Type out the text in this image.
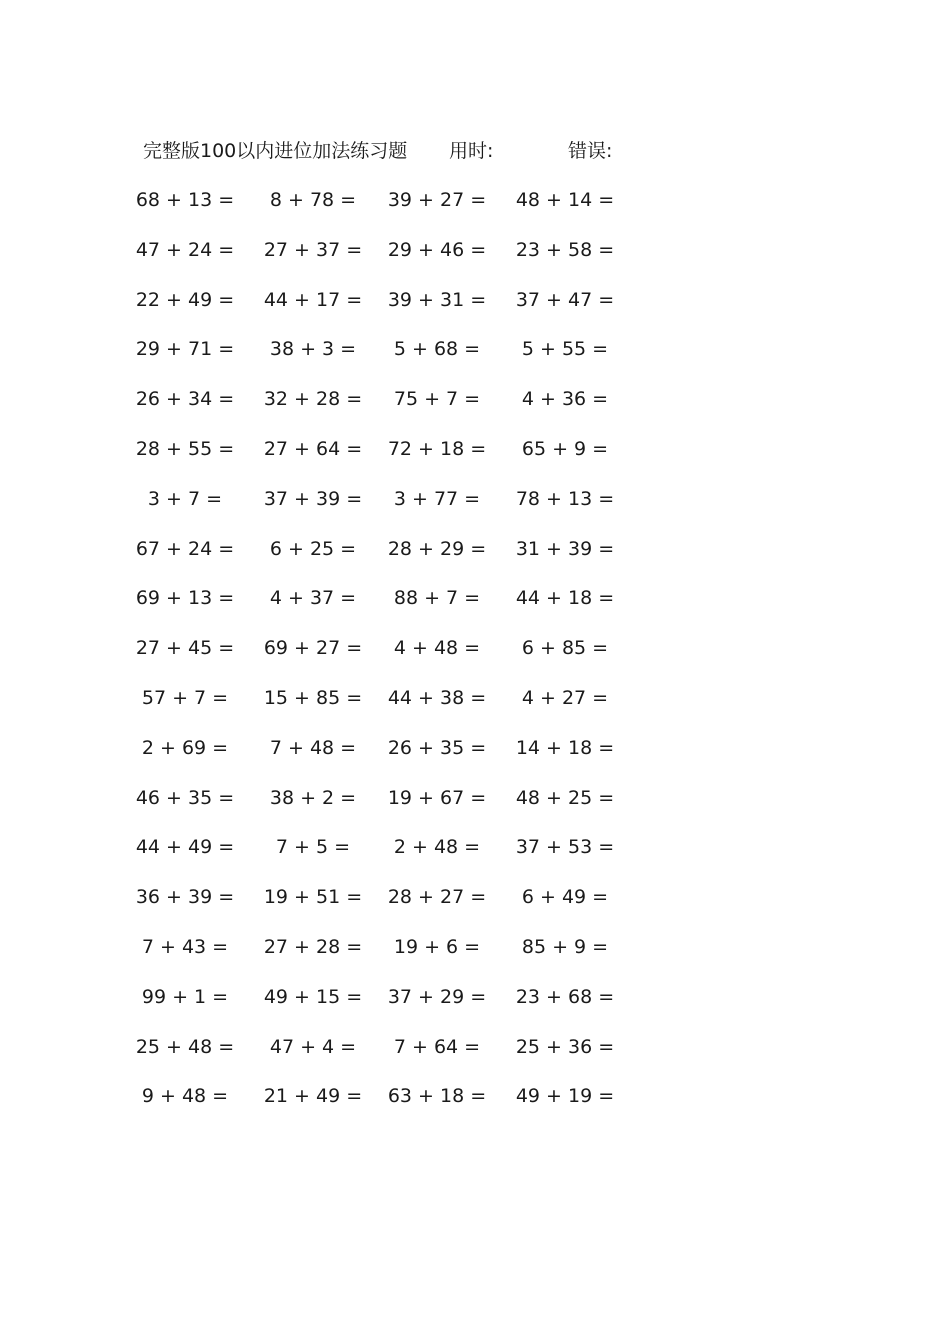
完整版100以内进位加法练习题 用时:	错误:
68 + 13 =	8 + 78 =	39 + 27 =	48 + 14 =
47 + 24 =	27 + 37 =	29 + 46 =	23 + 58 =
22 + 49 =	44 + 17 =	39 + 31 =	37 + 47 =
29 + 71 =	38 + 3 =	5 + 68 =	5 + 55 =
26 + 34 =	32 + 28 =	75 + 7 =	4 + 36 =
28 + 55 =	27 + 64 =	72 + 18 =	65 + 9 =
3 + 7 =	37 + 39 =	3 + 77 =	78 + 13 =
67 + 24 =	6 + 25 =	28 + 29 =	31 + 39 =
69 + 13 =	4 + 37 =	88 + 7 =	44 + 18 =
27 + 45 =	69 + 27 =	4 + 48 =	6 + 85 =
57 + 7 =	15 + 85 =	44 + 38 =	4 + 27 =
2 + 69 =	7 + 48 =	26 + 35 =	14 + 18 =
46 + 35 =	38 + 2 =	19 + 67 =	48 + 25 =
44 + 49 =	7 + 5 =	2 + 48 =	37 + 53 =
36 + 39 =	19 + 51 =	28 + 27 =	6 + 49 =
7 + 43 =	27 + 28 =	19 + 6 =	85 + 9 =
99 + 1 =	49 + 15 =	37 + 29 =	23 + 68 =
25 + 48 =	47 + 4 =	7 + 64 =	25 + 36 =
9 + 48 =	21 + 49 =	63 + 18 =	49 + 19 =
